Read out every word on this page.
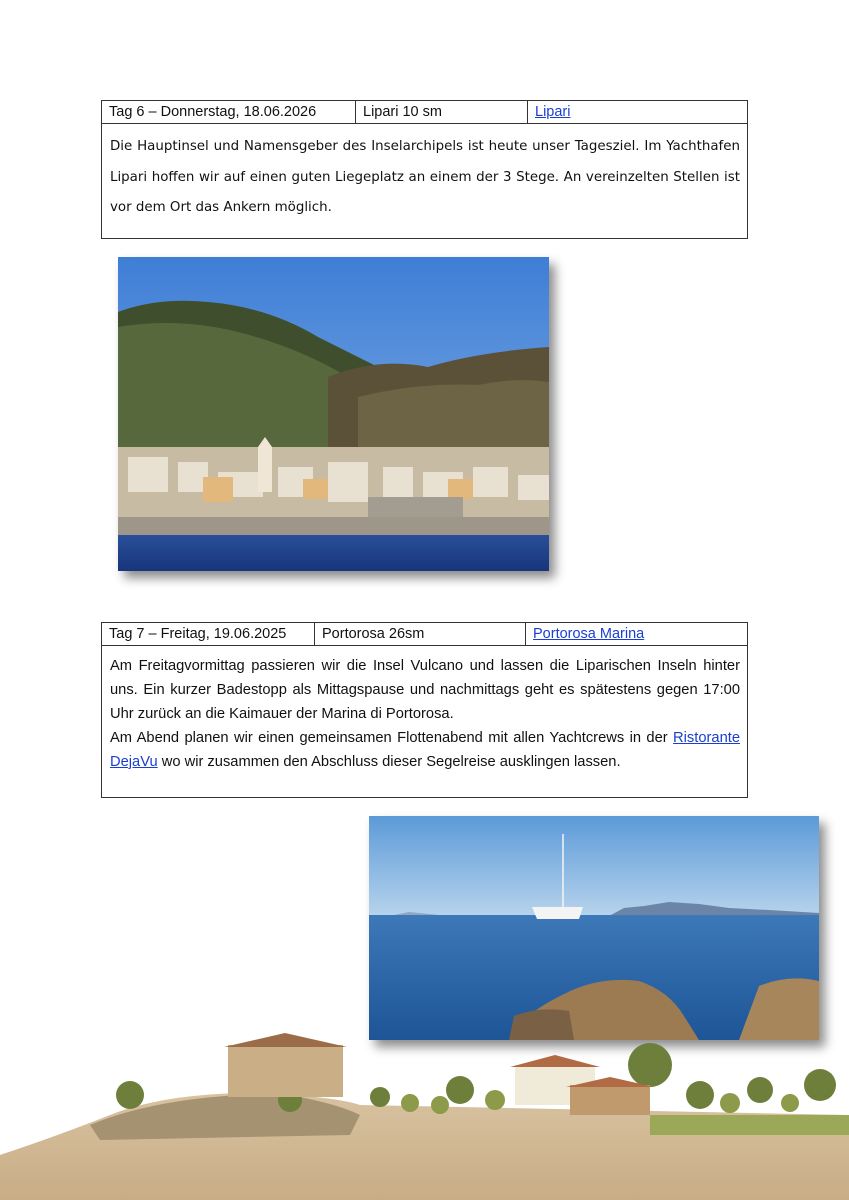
Tag 6 – Donnerstag, 18.06.2026	Lipari 10 sm	Lipari
Die Hauptinsel und Namensgeber des Inselarchipels ist heute unser Tagesziel. Im Yachthafen Lipari hoffen wir auf einen guten Liegeplatz an einem der 3 Stege. An vereinzelten Stellen ist vor dem Ort das Ankern möglich.
Tag 7 – Freitag, 19.06.2025	Portorosa 26sm	Portorosa Marina

Am Freitagvormittag passieren wir die Insel Vulcano und lassen die Liparischen Inseln hinter uns. Ein kurzer Badestopp als Mittagspause und nachmittags geht es spätestens gegen 17:00 Uhr zurück an die Kaimauer der Marina di Portorosa.

Am Abend planen wir einen gemeinsamen Flottenabend mit allen Yachtcrews in der Ristorante DejaVu wo wir zusammen den Abschluss dieser Segelreise ausklingen lassen.
